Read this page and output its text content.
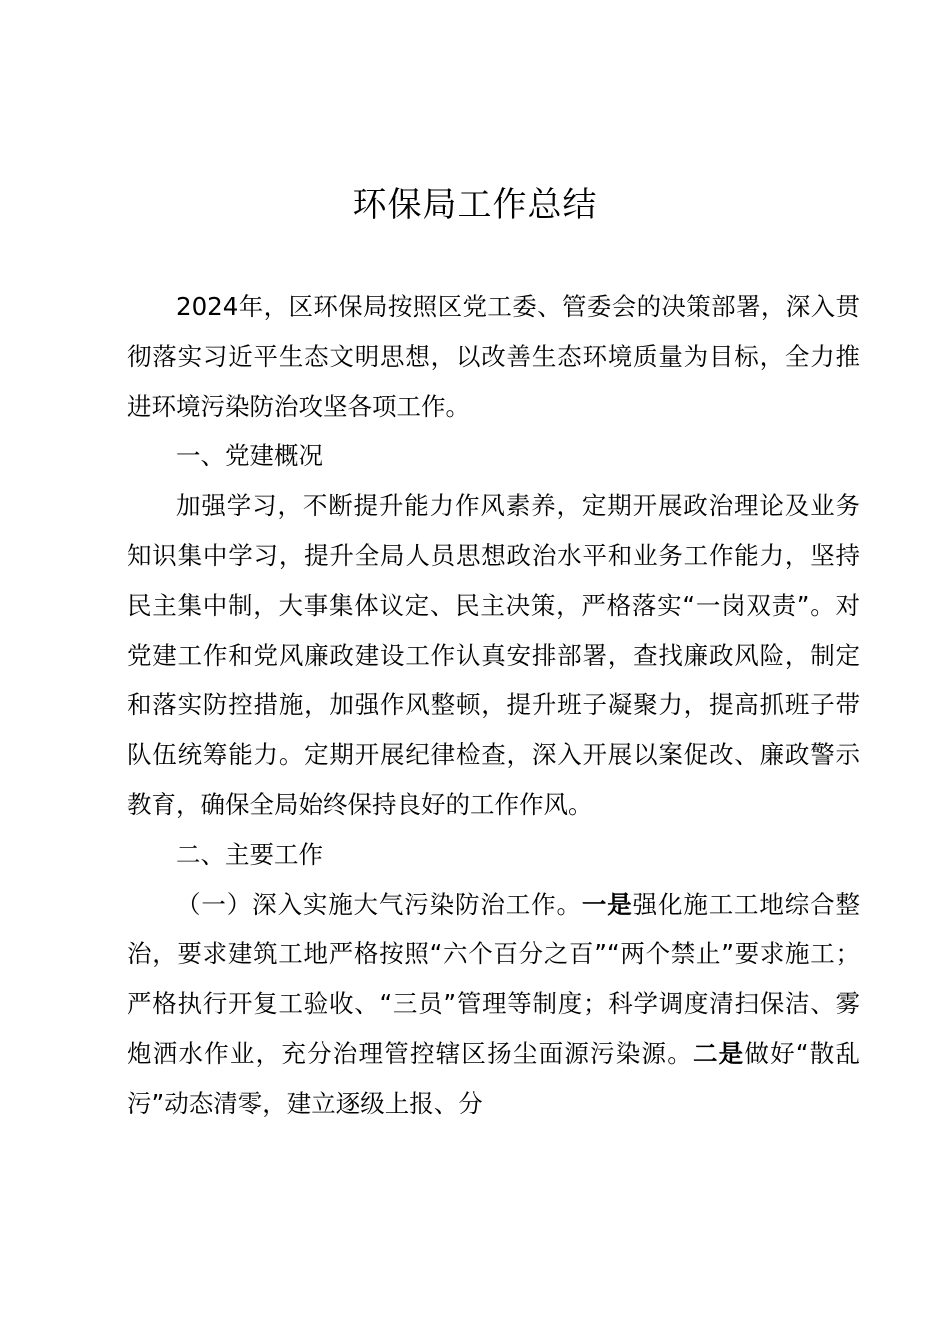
环保局工作总结

2024年，区环保局按照区党工委、管委会的决策部署，深入贯彻落实习近平生态文明思想，以改善生态环境质量为目标，全力推进环境污染防治攻坚各项工作。

一、党建概况

加强学习，不断提升能力作风素养，定期开展政治理论及业务知识集中学习，提升全局人员思想政治水平和业务工作能力，坚持民主集中制，大事集体议定、民主决策，严格落实“一岗双责”。对党建工作和党风廉政建设工作认真安排部署，查找廉政风险，制定和落实防控措施，加强作风整顿，提升班子凝聚力，提高抓班子带队伍统筹能力。定期开展纪律检查，深入开展以案促改、廉政警示教育，确保全局始终保持良好的工作作风。

二、主要工作

（一）深入实施大气污染防治工作。一是强化施工工地综合整治，要求建筑工地严格按照“六个百分之百”“两个禁止”要求施工；严格执行开复工验收、“三员”管理等制度；科学调度清扫保洁、雾炮洒水作业，充分治理管控辖区扬尘面源污染源。二是做好“散乱污”动态清零，建立逐级上报、分
